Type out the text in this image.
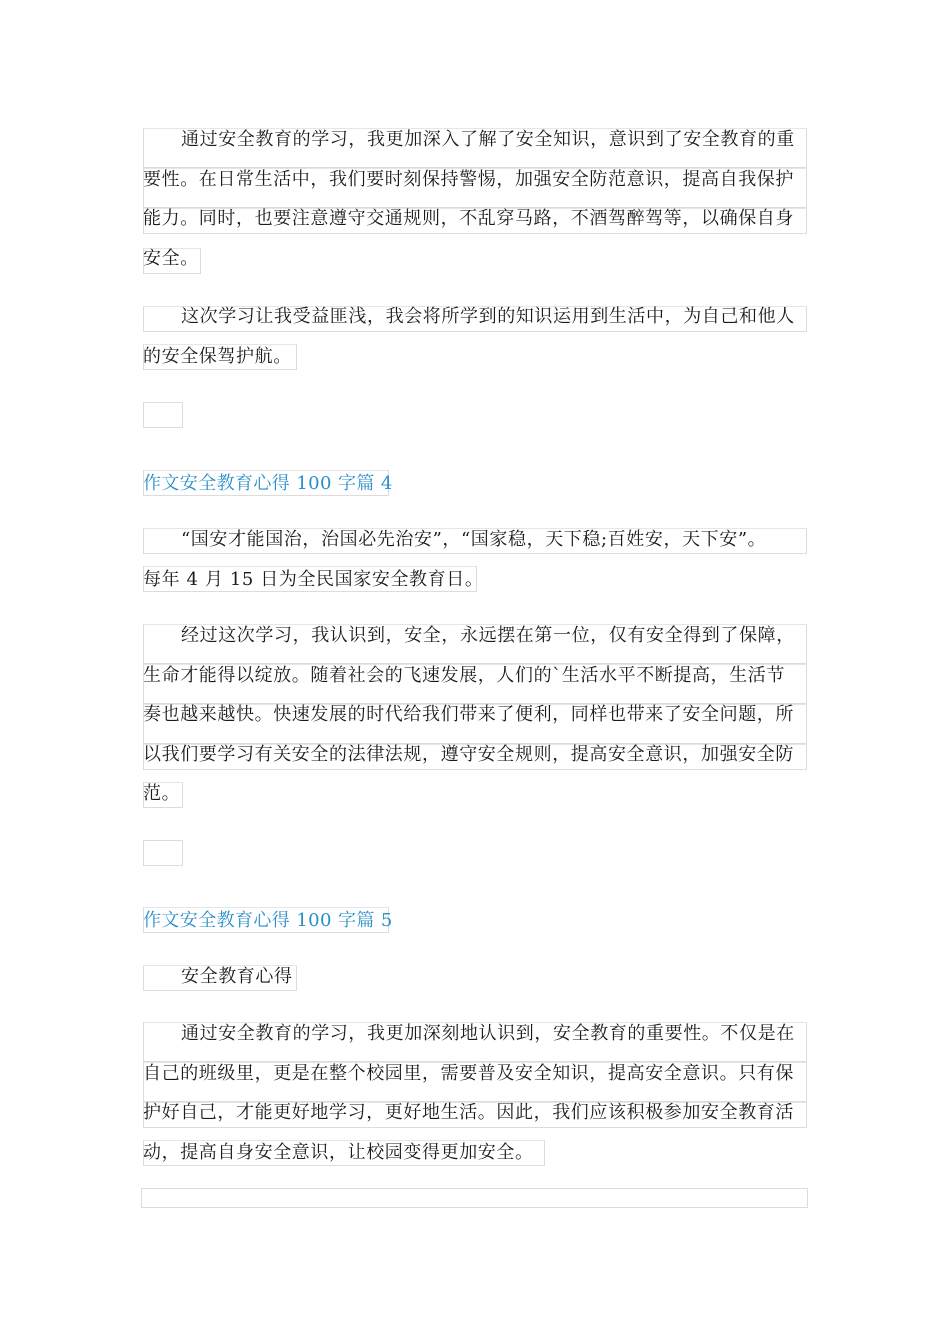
通过安全教育的学习，我更加深入了解了安全知识，意识到了安全教育的重
要性。在日常生活中，我们要时刻保持警惕，加强安全防范意识，提高自我保护
能力。同时，也要注意遵守交通规则，不乱穿马路，不酒驾醉驾等，以确保自身
安全。
这次学习让我受益匪浅，我会将所学到的知识运用到生活中，为自己和他人
的安全保驾护航。
作文安全教育心得 100 字篇 4
“国安才能国治，治国必先治安”，“国家稳，天下稳;百姓安，天下安”。
每年 4 月 15 日为全民国家安全教育日。
经过这次学习，我认识到，安全，永远摆在第一位，仅有安全得到了保障，
生命才能得以绽放。随着社会的飞速发展，人们的`生活水平不断提高，生活节
奏也越来越快。快速发展的时代给我们带来了便利，同样也带来了安全问题，所
以我们要学习有关安全的法律法规，遵守安全规则，提高安全意识，加强安全防
范。
作文安全教育心得 100 字篇 5
安全教育心得
通过安全教育的学习，我更加深刻地认识到，安全教育的重要性。不仅是在
自己的班级里，更是在整个校园里，需要普及安全知识，提高安全意识。只有保
护好自己，才能更好地学习，更好地生活。因此，我们应该积极参加安全教育活
动，提高自身安全意识，让校园变得更加安全。
